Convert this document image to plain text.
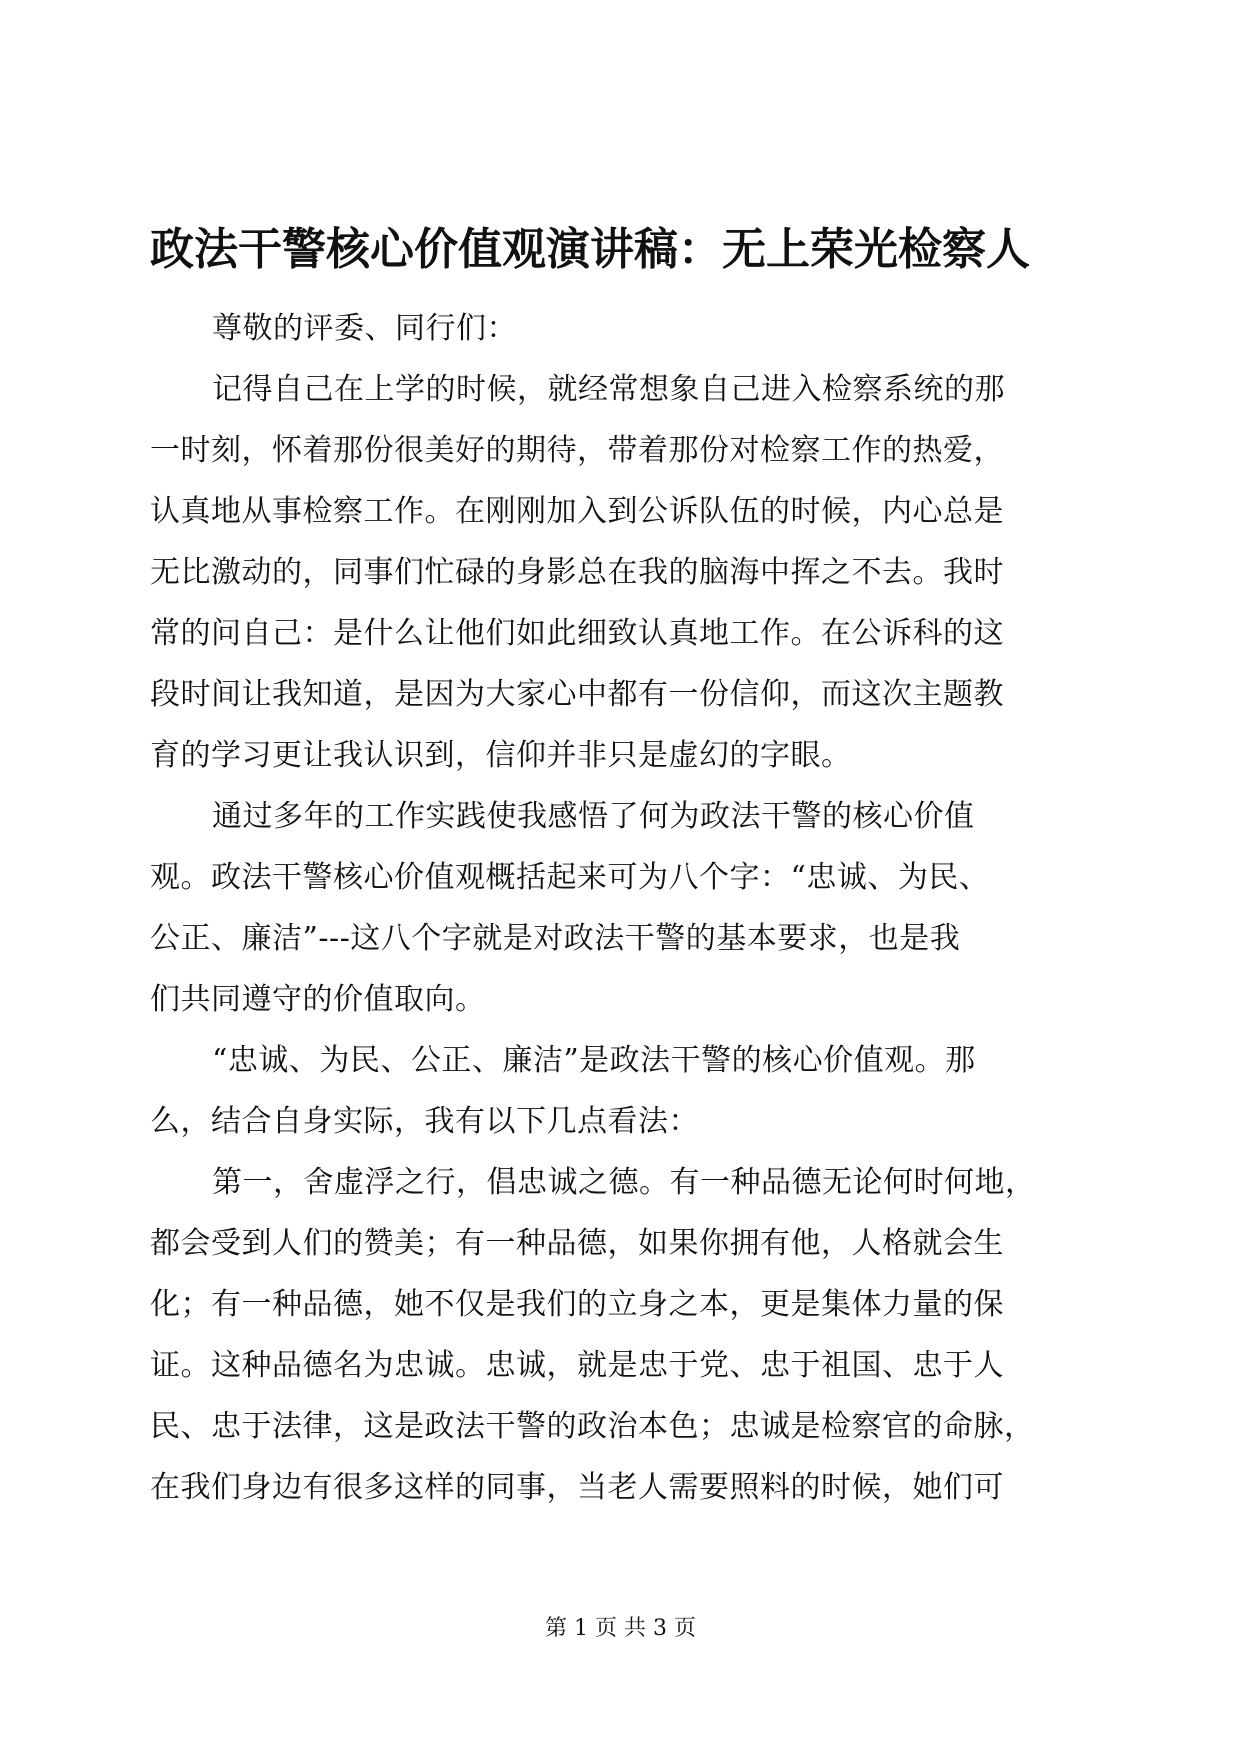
政法干警核心价值观演讲稿：无上荣光检察人
尊敬的评委、同行们：
记得自己在上学的时候，就经常想象自己进入检察系统的那
一时刻，怀着那份很美好的期待，带着那份对检察工作的热爱，
认真地从事检察工作。在刚刚加入到公诉队伍的时候，内心总是
无比激动的，同事们忙碌的身影总在我的脑海中挥之不去。我时
常的问自己：是什么让他们如此细致认真地工作。在公诉科的这
段时间让我知道，是因为大家心中都有一份信仰，而这次主题教
育的学习更让我认识到，信仰并非只是虚幻的字眼。
通过多年的工作实践使我感悟了何为政法干警的核心价值
观。政法干警核心价值观概括起来可为八个字：“忠诚、为民、
公正、廉洁”---这八个字就是对政法干警的基本要求，也是我
们共同遵守的价值取向。
“忠诚、为民、公正、廉洁”是政法干警的核心价值观。那
么，结合自身实际，我有以下几点看法：
第一，舍虚浮之行，倡忠诚之德。有一种品德无论何时何地，
都会受到人们的赞美；有一种品德，如果你拥有他，人格就会生
化；有一种品德，她不仅是我们的立身之本，更是集体力量的保
证。这种品德名为忠诚。忠诚，就是忠于党、忠于祖国、忠于人
民、忠于法律，这是政法干警的政治本色；忠诚是检察官的命脉，
在我们身边有很多这样的同事，当老人需要照料的时候，她们可
第 1 页 共 3 页
